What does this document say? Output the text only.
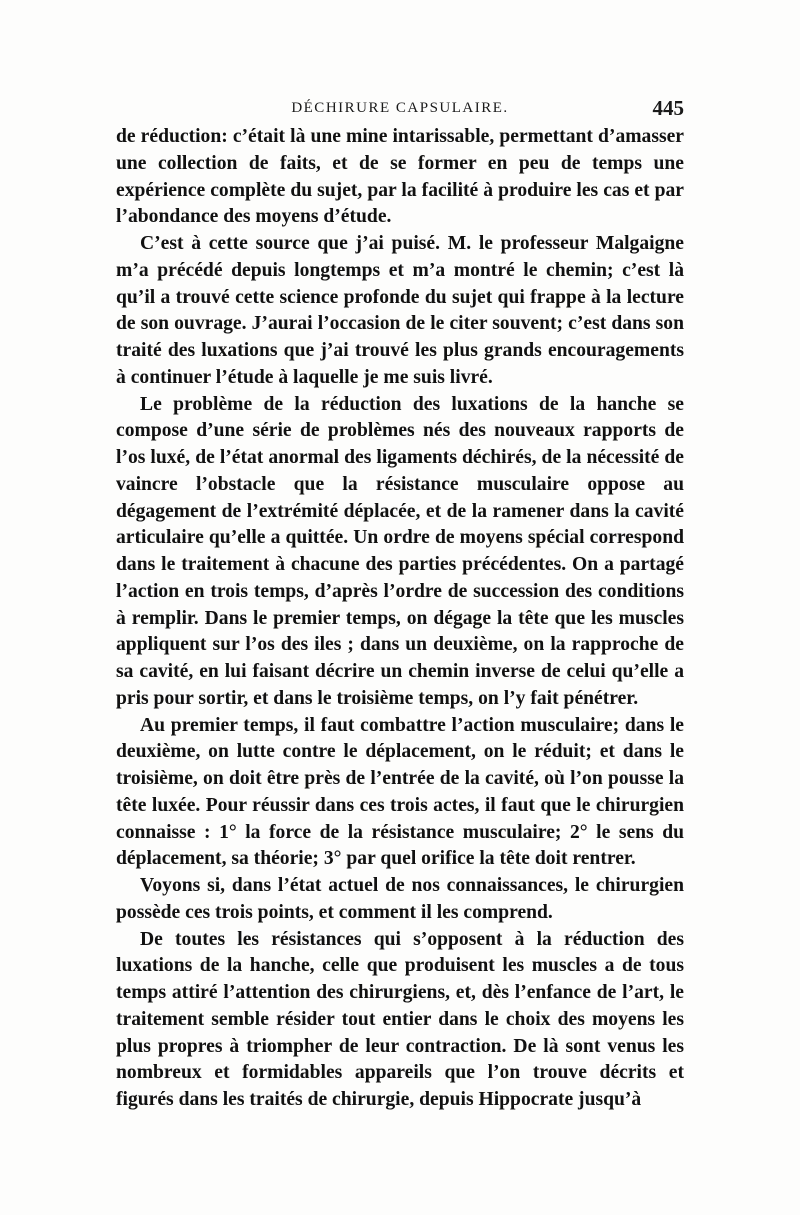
DÉCHIRURE CAPSULAIRE.	445

de réduction: c’était là une mine intarissable, permettant d’amasser une collection de faits, et de se former en peu de temps une expérience complète du sujet, par la facilité à produire les cas et par l’abondance des moyens d’étude.

C’est à cette source que j’ai puisé. M. le professeur Malgaigne m’a précédé depuis longtemps et m’a montré le chemin; c’est là qu’il a trouvé cette science profonde du sujet qui frappe à la lecture de son ouvrage. J’aurai l’occasion de le citer souvent; c’est dans son traité des luxations que j’ai trouvé les plus grands encouragements à continuer l’étude à laquelle je me suis livré.

Le problème de la réduction des luxations de la hanche se compose d’une série de problèmes nés des nouveaux rapports de l’os luxé, de l’état anormal des ligaments déchirés, de la nécessité de vaincre l’obstacle que la résistance musculaire oppose au dégagement de l’extrémité déplacée, et de la ramener dans la cavité articulaire qu’elle a quittée. Un ordre de moyens spécial correspond dans le traitement à chacune des parties précédentes. On a partagé l’action en trois temps, d’après l’ordre de succession des conditions à remplir. Dans le premier temps, on dégage la tête que les muscles appliquent sur l’os des iles ; dans un deuxième, on la rapproche de sa cavité, en lui faisant décrire un chemin inverse de celui qu’elle a pris pour sortir, et dans le troisième temps, on l’y fait pénétrer.

Au premier temps, il faut combattre l’action musculaire; dans le deuxième, on lutte contre le déplacement, on le réduit; et dans le troisième, on doit être près de l’entrée de la cavité, où l’on pousse la tête luxée. Pour réussir dans ces trois actes, il faut que le chirurgien connaisse : 1° la force de la résistance musculaire; 2° le sens du déplacement, sa théorie; 3° par quel orifice la tête doit rentrer.

Voyons si, dans l’état actuel de nos connaissances, le chirurgien possède ces trois points, et comment il les comprend.

De toutes les résistances qui s’opposent à la réduction des luxations de la hanche, celle que produisent les muscles a de tous temps attiré l’attention des chirurgiens, et, dès l’enfance de l’art, le traitement semble résider tout entier dans le choix des moyens les plus propres à triompher de leur contraction. De là sont venus les nombreux et formidables appareils que l’on trouve décrits et figurés dans les traités de chirurgie, depuis Hippocrate jusqu’à
